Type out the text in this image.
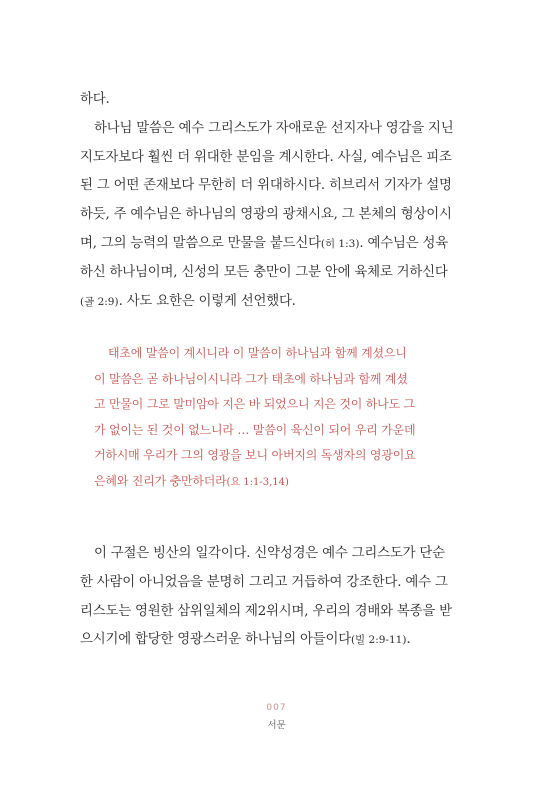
하다.
하나님 말씀은 예수 그리스도가 자애로운 선지자나 영감을 지닌
지도자보다 훨씬 더 위대한 분임을 계시한다. 사실, 예수님은 피조
된 그 어떤 존재보다 무한히 더 위대하시다. 히브리서 기자가 설명
하듯, 주 예수님은 하나님의 영광의 광채시요, 그 본체의 형상이시
며, 그의 능력의 말씀으로 만물을 붙드신다(히 1:3). 예수님은 성육
하신 하나님이며, 신성의 모든 충만이 그분 안에 육체로 거하신다
(골 2:9). 사도 요한은 이렇게 선언했다.
태초에 말씀이 계시니라 이 말씀이 하나님과 함께 계셨으니
이 말씀은 곧 하나님이시니라 그가 태초에 하나님과 함께 계셨
고 만물이 그로 말미암아 지은 바 되었으니 지은 것이 하나도 그
가 없이는 된 것이 없느니라 … 말씀이 육신이 되어 우리 가운데
거하시매 우리가 그의 영광을 보니 아버지의 독생자의 영광이요
은혜와 진리가 충만하더라(요 1:1-3,14)
이 구절은 빙산의 일각이다. 신약성경은 예수 그리스도가 단순
한 사람이 아니었음을 분명히 그리고 거듭하여 강조한다. 예수 그
리스도는 영원한 삼위일체의 제2위시며, 우리의 경배와 복종을 받
으시기에 합당한 영광스러운 하나님의 아들이다(빌 2:9-11).
007
서문
